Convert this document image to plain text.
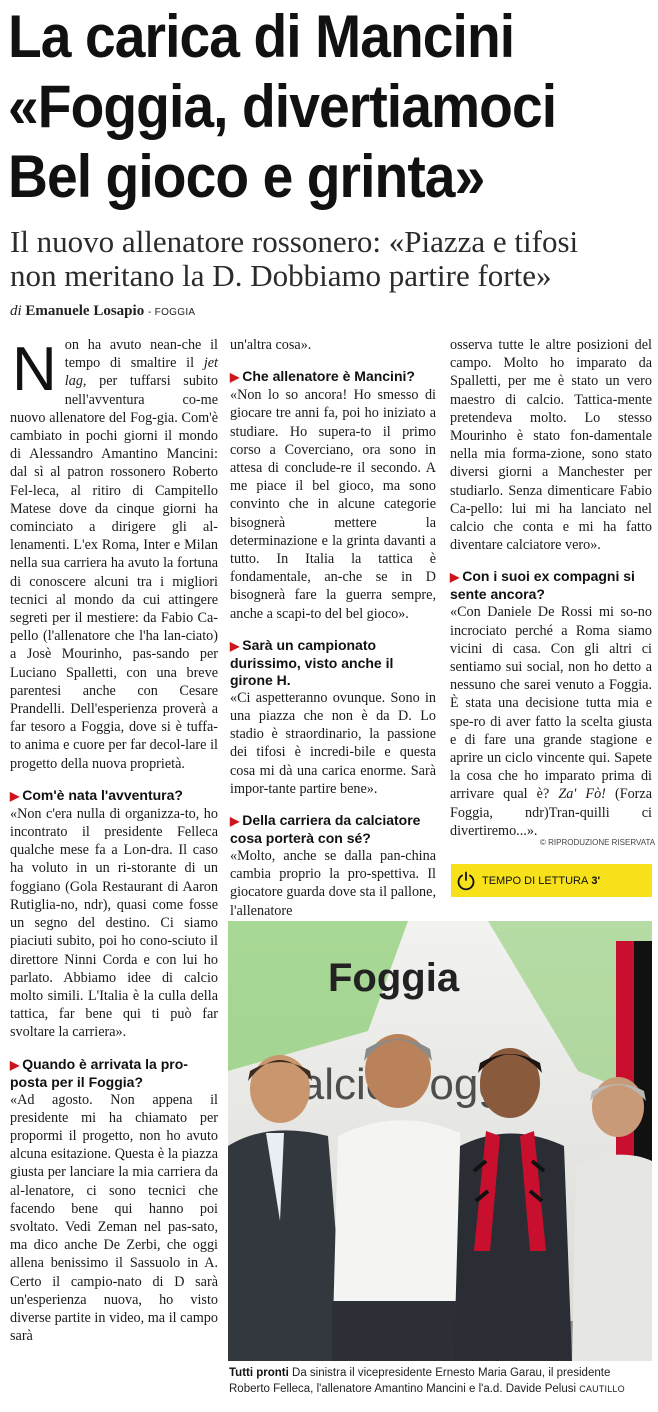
La carica di Mancini
«Foggia, divertiamoci
Bel gioco e grinta»
Il nuovo allenatore rossonero: «Piazza e tifosi
non meritano la D. Dobbiamo partire forte»
di Emanuele Losapio - FOGGIA

Non ha avuto nean-che il tempo di smaltire il jet lag, per tuffarsi subito nell'avventura co-me nuovo allenatore del Fog-gia. Com'è cambiato in pochi giorni il mondo di Alessandro Amantino Mancini: dal sì al patron rossonero Roberto Fel-leca, al ritiro di Campitello Matese dove da cinque giorni ha cominciato a dirigere gli al-lenamenti. L'ex Roma, Inter e Milan nella sua carriera ha avuto la fortuna di conoscere alcuni tra i migliori tecnici al mondo da cui attingere segreti per il mestiere: da Fabio Ca-pello (l'allenatore che l'ha lan-ciato) a Josè Mourinho, pas-sando per Luciano Spalletti, con una breve parentesi anche con Cesare Prandelli. Dell'esperienza proverà a far tesoro a Foggia, dove si è tuffa-to anima e cuore per far decol-lare il progetto della nuova proprietà.

▶ Com'è nata l'avventura?

«Non c'era nulla di organizza-to, ho incontrato il presidente Felleca qualche mese fa a Lon-dra. Il caso ha voluto in un ri-storante di un foggiano (Gola Restaurant di Aaron Rutiglia-no, ndr), quasi come fosse un segno del destino. Ci siamo piaciuti subito, poi ho cono-sciuto il direttore Ninni Corda e con lui ho parlato. Abbiamo idee di calcio molto simili. L'Italia è la culla della tattica, far bene qui ti può far svoltare la carriera».

▶ Quando è arrivata la pro-posta per il Foggia?

«Ad agosto. Non appena il presidente mi ha chiamato per propormi il progetto, non ho avuto alcuna esitazione. Questa è la piazza giusta per lanciare la mia carriera da al-lenatore, ci sono tecnici che facendo bene qui hanno poi svoltato. Vedi Zeman nel pas-sato, ma dico anche De Zerbi, che oggi allena benissimo il Sassuolo in A. Certo il campio-nato di D sarà un'esperienza nuova, ho visto diverse partite in video, ma il campo sarà

un'altra cosa».

▶ Che allenatore è Mancini?

«Non lo so ancora! Ho smesso di giocare tre anni fa, poi ho iniziato a studiare. Ho supera-to il primo corso a Coverciano, ora sono in attesa di conclude-re il secondo. A me piace il bel gioco, ma sono convinto che in alcune categorie bisognerà mettere la determinazione e la grinta davanti a tutto. In Italia la tattica è fondamentale, an-che se in D bisognerà fare la guerra sempre, anche a scapi-to del bel gioco».

▶ Sarà un campionato durissimo, visto anche il girone H.

«Ci aspetteranno ovunque. Sono in una piazza che non è da D. Lo stadio è straordinario, la passione dei tifosi è incredi-bile e questa cosa mi dà una carica enorme. Sarà impor-tante partire bene».

▶ Della carriera da calciatore cosa porterà con sé?

«Molto, anche se dalla pan-china cambia proprio la pro-spettiva. Il giocatore guarda dove sta il pallone, l'allenatore

osserva tutte le altre posizioni del campo. Molto ho imparato da Spalletti, per me è stato un vero maestro di calcio. Tattica-mente pretendeva molto. Lo stesso Mourinho è stato fon-damentale nella mia forma-zione, sono stato diversi giorni a Manchester per studiarlo. Senza dimenticare Fabio Ca-pello: lui mi ha lanciato nel calcio che conta e mi ha fatto diventare calciatore vero».

▶ Con i suoi ex compagni si sente ancora?

«Con Daniele De Rossi mi so-no incrociato perché a Roma siamo vicini di casa. Con gli altri ci sentiamo sui social, non ho detto a nessuno che sarei venuto a Foggia. È stata una decisione tutta mia e spe-ro di aver fatto la scelta giusta e di fare una grande stagione e aprire un ciclo vincente qui. Sapete la cosa che ho imparato prima di arrivare qual è? Za' Fò! (Forza Foggia, ndr)Tran-quilli ci divertiremo...».

© RIPRODUZIONE RISERVATA
TEMPO DI LETTURA 3'
Foggia
Calcio Foggia
Tutti pronti Da sinistra il vicepresidente Ernesto Maria Garau, il presidente Roberto Felleca, l'allenatore Amantino Mancini e l'a.d. Davide Pelusi CAUTILLO
